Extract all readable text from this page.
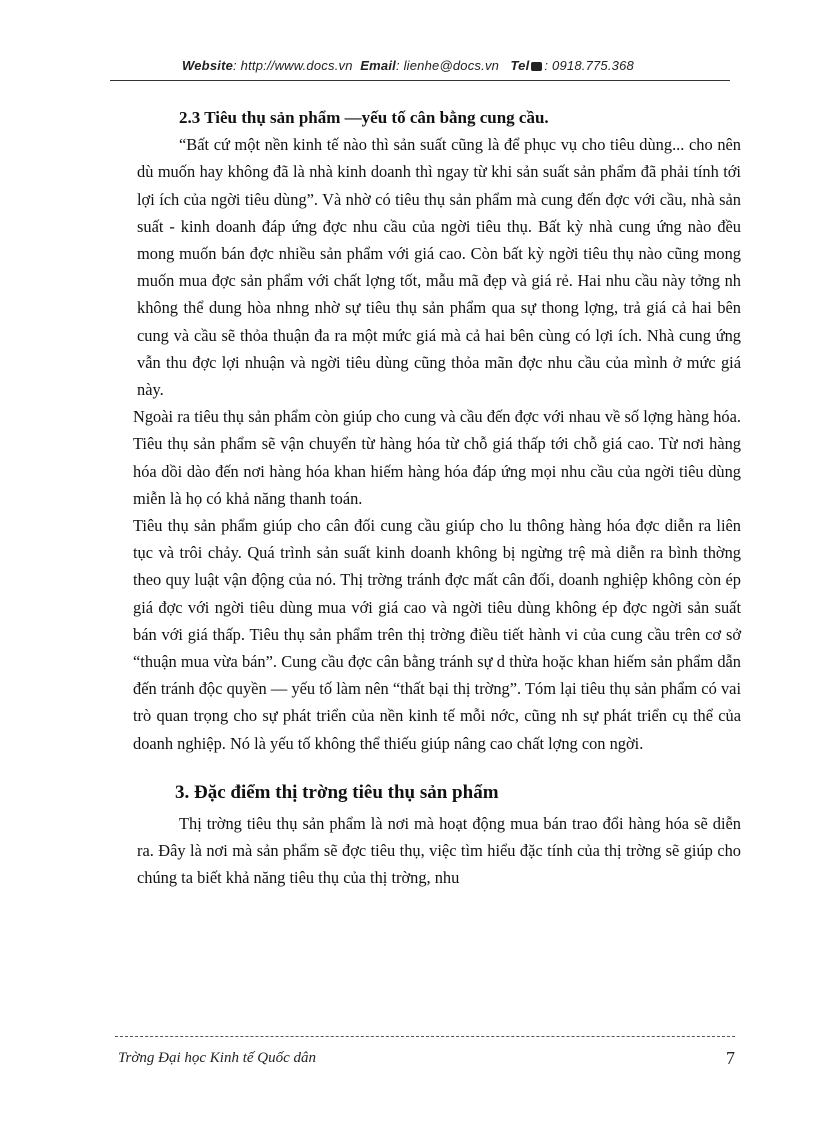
Website: http://www.docs.vn Email: lienhe@docs.vn Tel : 0918.775.368

2.3 Tiêu thụ sản phẩm —yếu tố cân bằng cung cầu.

“Bất cứ một nền kinh tế nào thì sản suất cũng là để phục vụ cho tiêu dùng... cho nên dù muốn hay không đã là nhà kinh doanh thì ngay từ khi sản suất sản phẩm đã phải tính tới lợi ích của ngời tiêu dùng”. Và nhờ có tiêu thụ sản phẩm mà cung đến đợc với cầu, nhà sản suất - kinh doanh đáp ứng đợc nhu cầu của ngời tiêu thụ. Bất kỳ nhà cung ứng nào đều mong muốn bán đợc nhiều sản phẩm với giá cao. Còn bất kỳ ngời tiêu thụ nào cũng mong muốn mua đợc sản phẩm với chất lợng tốt, mẫu mã đẹp và giá rẻ. Hai nhu cầu này tởng nh không thể dung hòa nhng nhờ sự tiêu thụ sản phẩm qua sự thong lợng, trả giá cả hai bên cung và cầu sẽ thỏa thuận đa ra một mức giá mà cả hai bên cùng có lợi ích. Nhà cung ứng vẫn thu đợc lợi nhuận và ngời tiêu dùng cũng thỏa mãn đợc nhu cầu của mình ở mức giá này.

Ngoài ra tiêu thụ sản phẩm còn giúp cho cung và cầu đến đợc với nhau về số lợng hàng hóa. Tiêu thụ sản phẩm sẽ vận chuyển từ hàng hóa từ chỗ giá thấp tới chỗ giá cao. Từ nơi hàng hóa dồi dào đến nơi hàng hóa khan hiếm hàng hóa đáp ứng mọi nhu cầu của ngời tiêu dùng miễn là họ có khả năng thanh toán.

Tiêu thụ sản phẩm giúp cho cân đối cung cầu giúp cho lu thông hàng hóa đợc diễn ra liên tục và trôi chảy. Quá trình sản suất kinh doanh không bị ngừng trệ mà diễn ra bình thờng theo quy luật vận động của nó. Thị trờng tránh đợc mất cân đối, doanh nghiệp không còn ép giá đợc với ngời tiêu dùng mua với giá cao và ngời tiêu dùng không ép đợc ngời sản suất bán với giá thấp. Tiêu thụ sản phẩm trên thị trờng điều tiết hành vi của cung cầu trên cơ sở “thuận mua vừa bán”. Cung cầu đợc cân bằng tránh sự d thừa hoặc khan hiếm sản phẩm dẫn đến tránh độc quyền — yếu tố làm nên “thất bại thị trờng”. Tóm lại tiêu thụ sản phẩm có vai trò quan trọng cho sự phát triển của nền kinh tế mỗi nớc, cũng nh sự phát triển cụ thể của doanh nghiệp. Nó là yếu tố không thể thiếu giúp nâng cao chất lợng con ngời.

3. Đặc điểm thị trờng tiêu thụ sản phẩm

Thị trờng tiêu thụ sản phẩm là nơi mà hoạt động mua bán trao đổi hàng hóa sẽ diễn ra. Đây là nơi mà sản phẩm sẽ đợc tiêu thụ, việc tìm hiểu đặc tính của thị trờng sẽ giúp cho chúng ta biết khả năng tiêu thụ của thị trờng, nhu

Trờng Đại học Kinh tế Quốc dân	7
